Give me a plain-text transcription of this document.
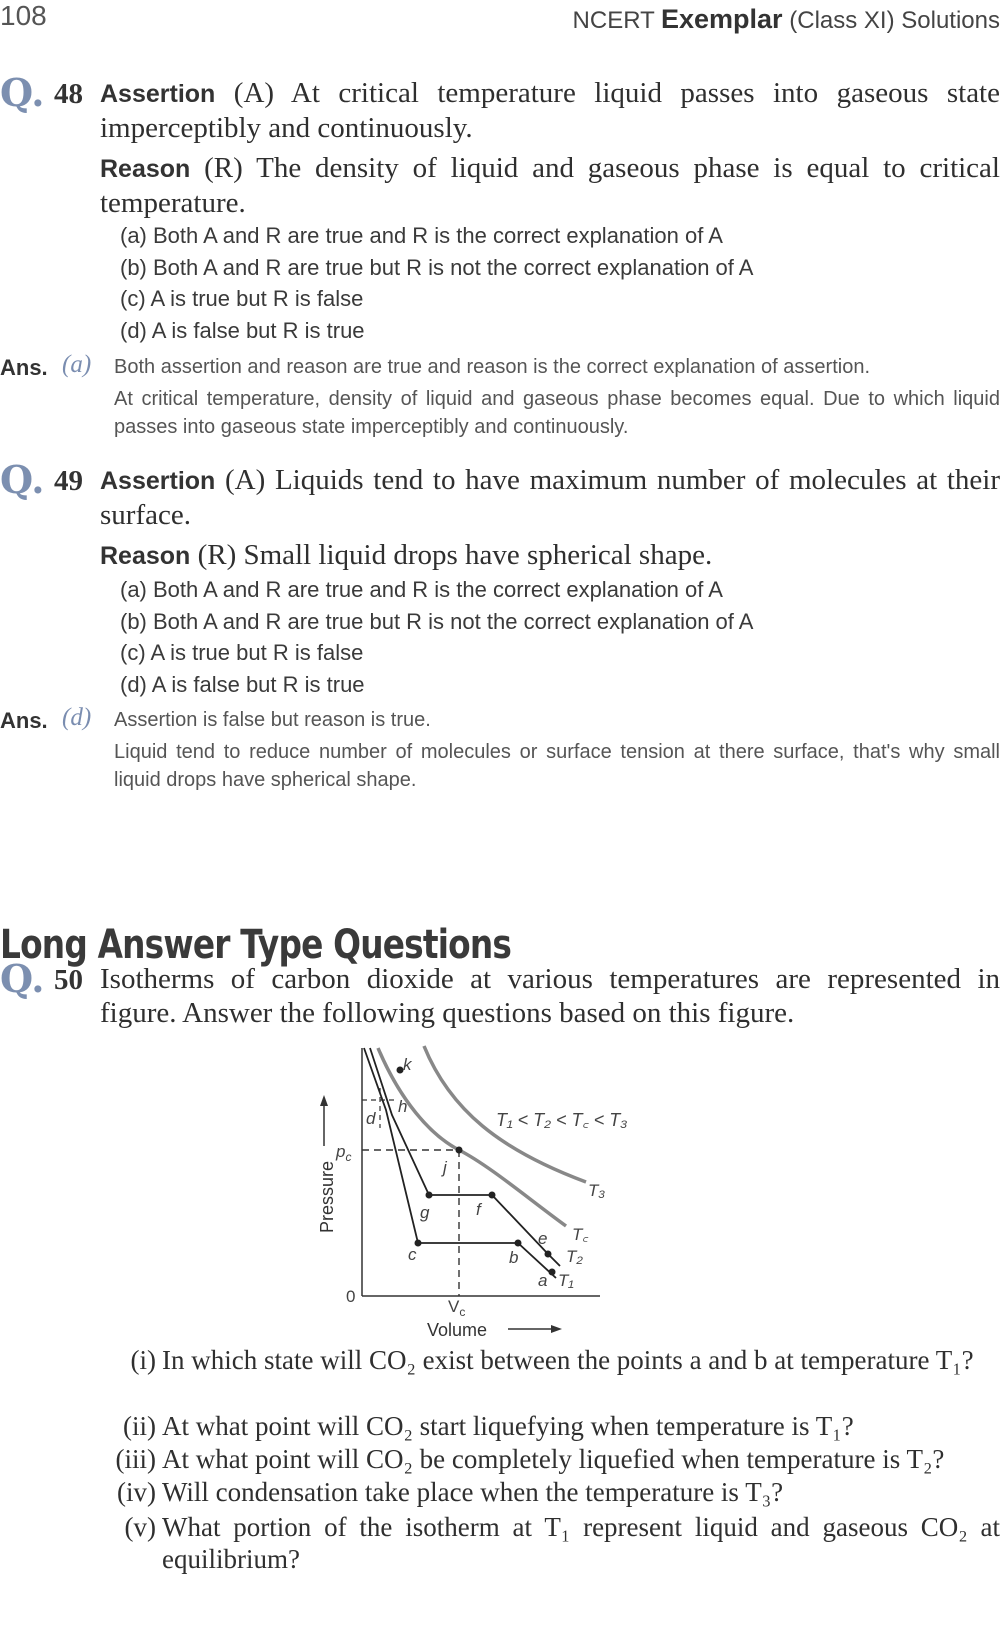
108	NCERT Exemplar (Class XI) Solutions
Q. 48 Assertion (A) At critical temperature liquid passes into gaseous state imperceptibly and continuously.
Reason (R) The density of liquid and gaseous phase is equal to critical temperature.
(a) Both A and R are true and R is the correct explanation of A
(b) Both A and R are true but R is not the correct explanation of A
(c) A is true but R is false
(d) A is false but R is true
Ans. (a) Both assertion and reason are true and reason is the correct explanation of assertion.
At critical temperature, density of liquid and gaseous phase becomes equal. Due to which liquid passes into gaseous state imperceptibly and continuously.
Q. 49 Assertion (A) Liquids tend to have maximum number of molecules at their surface.
Reason (R) Small liquid drops have spherical shape.
(a) Both A and R are true and R is the correct explanation of A
(b) Both A and R are true but R is not the correct explanation of A
(c) A is true but R is false
(d) A is false but R is true
Ans. (d) Assertion is false but reason is true.
Liquid tend to reduce number of molecules or surface tension at there surface, that's why small liquid drops have spherical shape.
Long Answer Type Questions
Q. 50 Isotherms of carbon dioxide at various temperatures are represented in figure. Answer the following questions based on this figure.
Pressure
Volume
0
$p_c$
$V_c$
k
h
d
j
g	f
c	b
e
a
T₃
T꜀
T₂
T₁
T₁ < T₂ < T꜀ < T₃
(i) In which state will CO₂ exist between the points a and b at temperature T₁?
(ii) At what point will CO₂ start liquefying when temperature is T₁?
(iii) At what point will CO₂ be completely liquefied when temperature is T₂?
(iv) Will condensation take place when the temperature is T₃?
(v) What portion of the isotherm at T₁ represent liquid and gaseous CO₂ at equilibrium?
